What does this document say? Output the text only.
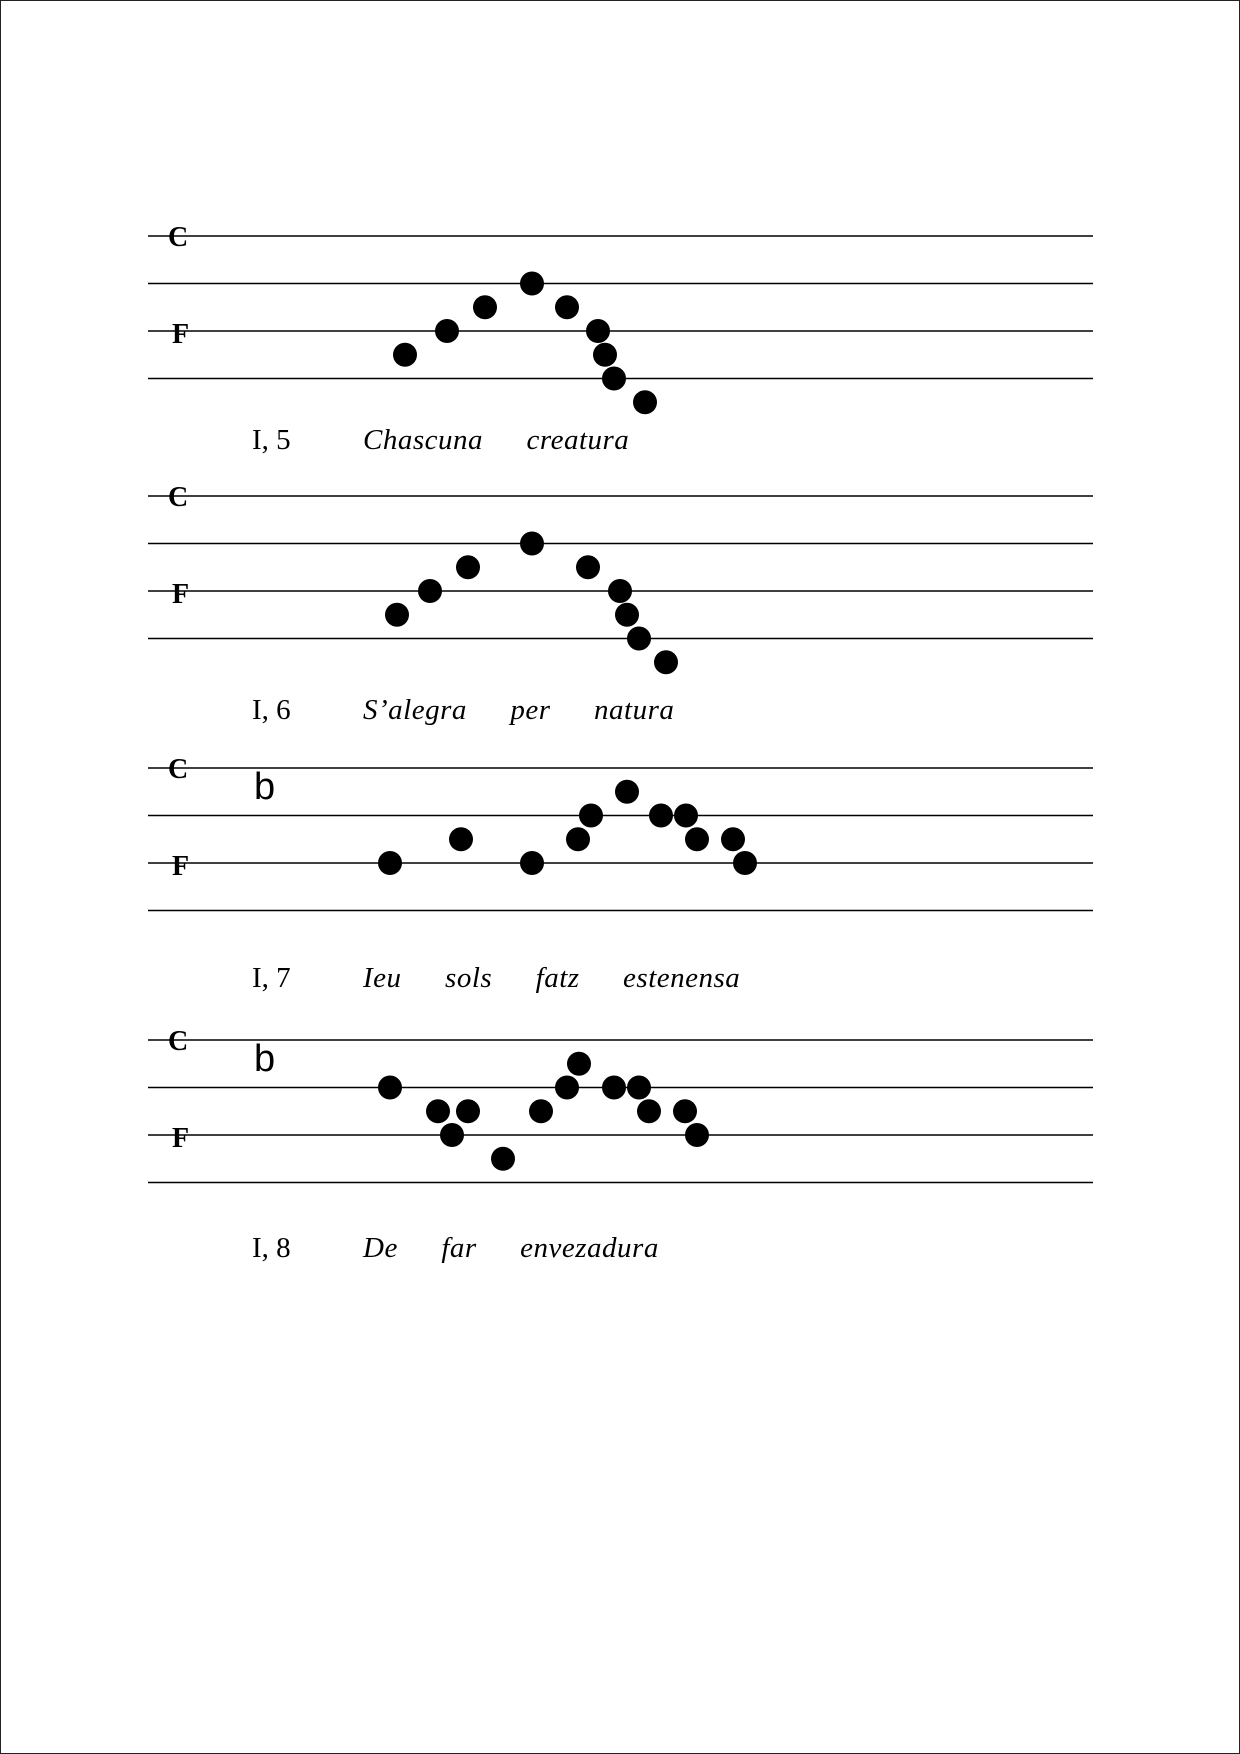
C
F
I, 5 Chascuna  creatura
C
F
I, 6 S’alegra  per  natura
C
F
b
I, 7 Ieu  sols  fatz  estenensa
C
F
b
I, 8 De  far  envezadura
